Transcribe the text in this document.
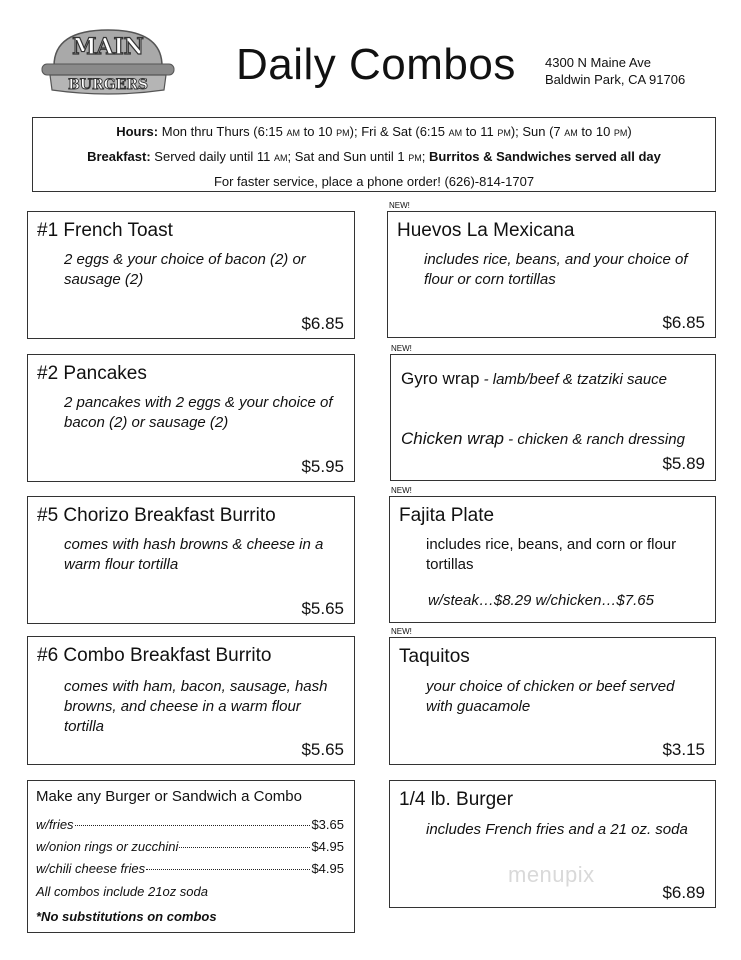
MAIN
BURGERS Daily Combos 4300 N Maine Ave
Baldwin Park, CA 91706
Hours: Mon thru Thurs (6:15 AM to 10 PM); Fri & Sat (6:15 AM to 11 PM); Sun (7 AM to 10 PM)
Breakfast: Served daily until 11 AM; Sat and Sun until 1 PM; Burritos & Sandwiches served all day
For faster service, place a phone order! (626)-814-1707
#1 French Toast
2 eggs & your choice of bacon (2) or sausage (2)
$6.85
#2 Pancakes
2 pancakes with 2 eggs & your choice of bacon (2) or sausage (2)
$5.95
#5 Chorizo Breakfast Burrito
comes with hash browns & cheese in a warm flour tortilla
$5.65
#6 Combo Breakfast Burrito
comes with ham, bacon, sausage, hash browns, and cheese in a warm flour tortilla
$5.65
Make any Burger or Sandwich a Combo
w/fries	$3.65
w/onion rings or zucchini	$4.95
w/chili cheese fries	$4.95
All combos include 21oz soda
*No substitutions on combos
NEW!
Huevos La Mexicana
includes rice, beans, and your choice of flour or corn tortillas
$6.85
NEW!
Gyro wrap - lamb/beef & tzatziki sauce
Chicken wrap - chicken & ranch dressing
$5.89
NEW!
Fajita Plate
includes rice, beans, and corn or flour tortillas
w/steak…$8.29 w/chicken…$7.65
NEW!
Taquitos
your choice of chicken or beef served with guacamole
$3.15
1/4 lb. Burger
includes French fries and a 21 oz. soda
$6.89
menupix
